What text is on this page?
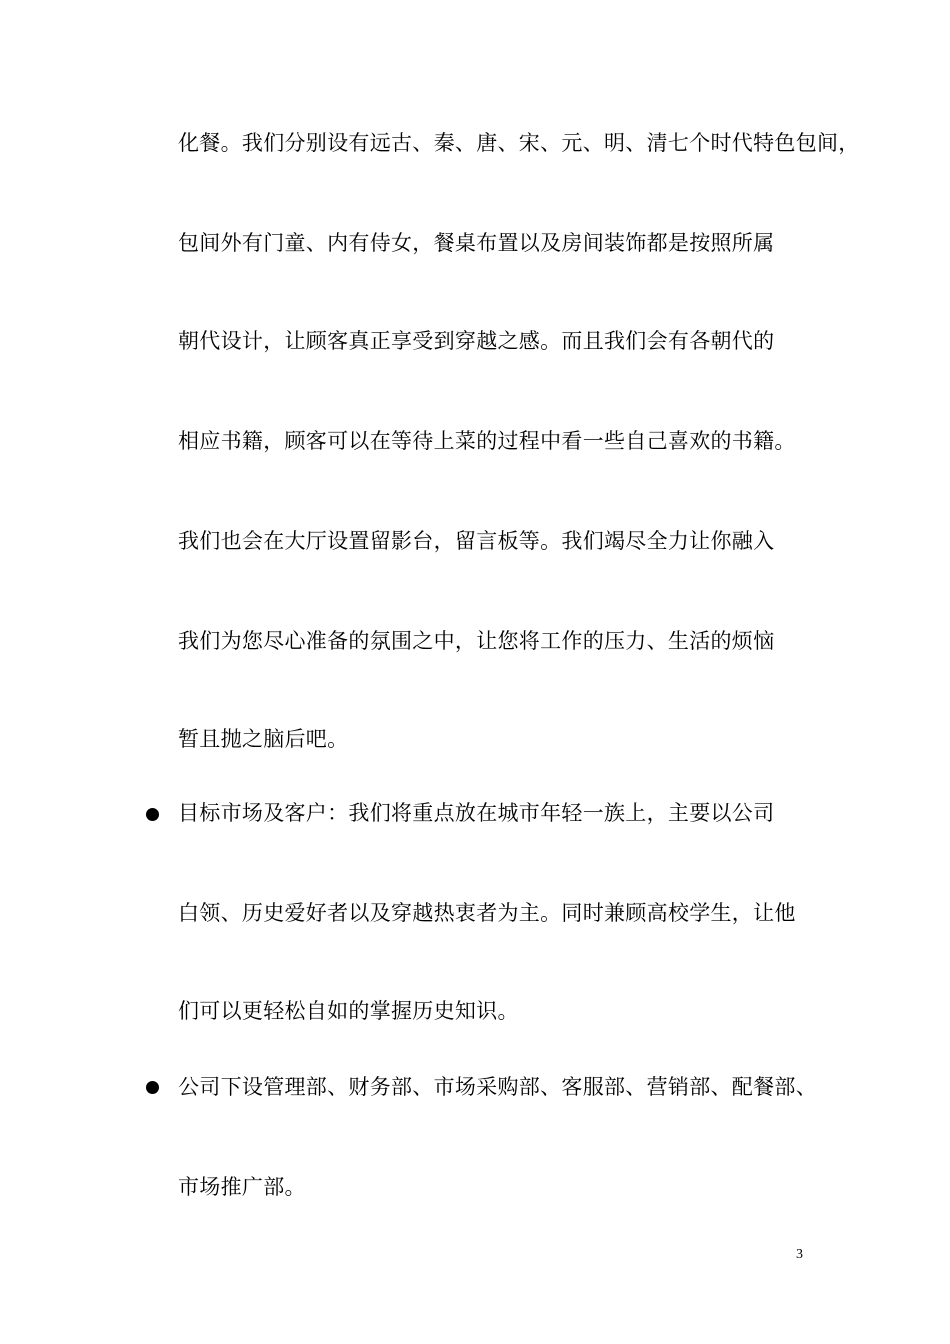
化餐。我们分别设有远古、秦、唐、宋、元、明、清七个时代特色包间，
包间外有门童、内有侍女，餐桌布置以及房间装饰都是按照所属
朝代设计，让顾客真正享受到穿越之感。而且我们会有各朝代的
相应书籍，顾客可以在等待上菜的过程中看一些自己喜欢的书籍。
我们也会在大厅设置留影台，留言板等。我们竭尽全力让你融入
我们为您尽心准备的氛围之中，让您将工作的压力、生活的烦恼
暂且抛之脑后吧。
目标市场及客户：我们将重点放在城市年轻一族上，主要以公司
白领、历史爱好者以及穿越热衷者为主。同时兼顾高校学生，让他
们可以更轻松自如的掌握历史知识。
公司下设管理部、财务部、市场采购部、客服部、营销部、配餐部、
市场推广部。
3
